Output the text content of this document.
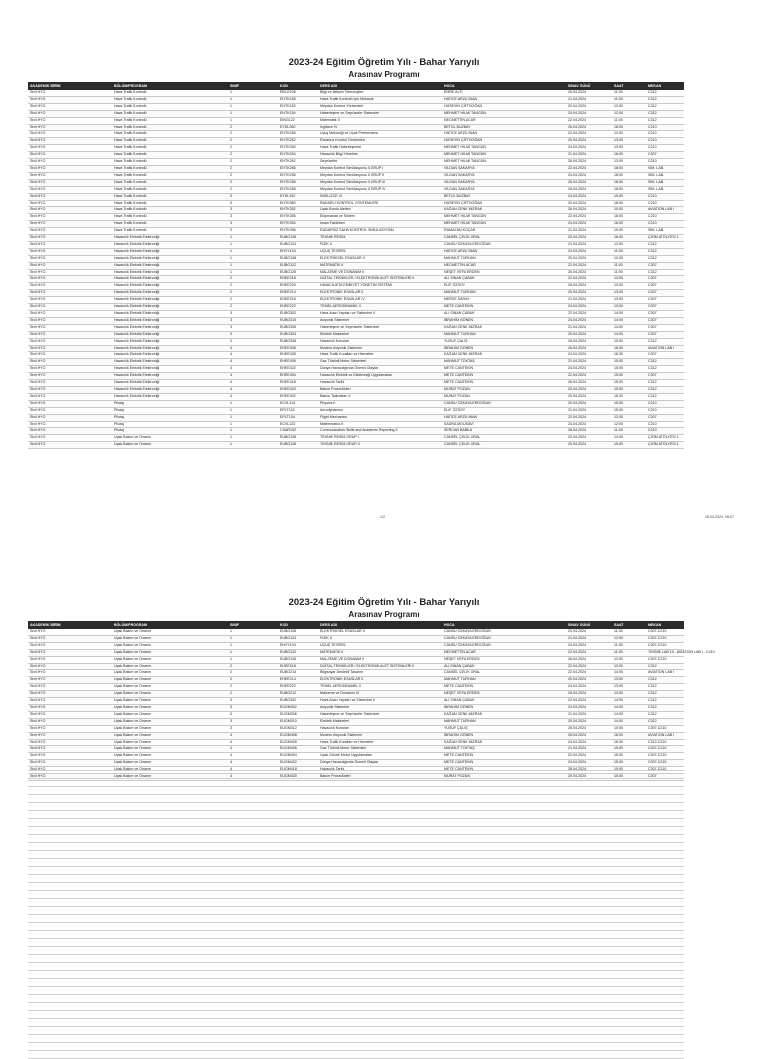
2023-24 Eğitim Öğretim Yılı - Bahar Yarıyılı
Arasınav Programı
AKADEMİK BİRİM	BÖLÜM/PROGRAM	SINIF	KOD	DERS ADI	HOCA	SINAV GÜNÜ	SAAT	MEKAN
Sivil HYO	Hava Trafik Kontrolü	1	EBLG108	Bilgi ve İletişim Teknolojileri	EMRE ALTI	26.04.2024	11:00	C312
Sivil HYO	Hava Trafik Kontrolü	1	EHTK158	Hava Trafik Kontrolü İçin Mekanik	HATİCE ARZU İNAN	21.04.2024	11:00	C312
Sivil HYO	Hava Trafik Kontrolü	1	EHTK152	Meydan Kontrol Yöntemleri	HÜSEYİN ÇİFTDOĞAN	20.04.2024	12:00	C312
Sivil HYO	Hava Trafik Kontrolü	1	EHTK154	Haberleşme ve Seyrüsefer Sistemleri	MEHMET HİLMİ TANGÜN	24.04.2024	12:00	C312
Sivil HYO	Hava Trafik Kontrolü	1	EING122	Matematik II	NECMETTİN ACAR	22.04.2024	11:00	C312
Sivil HYO	Hava Trafik Kontrolü	2	EYDL260	İngilizce IV	BETÜL BUZBAY	26.04.2024	16:00	C210
Sivil HYO	Hava Trafik Kontrolü	2	EHTK256	Uçuş Mekaniği ve Uçak Performansı	HATİCE ARZU İNAN	22.04.2024	12:00	C210
Sivil HYO	Hava Trafik Kontrolü	2	EHTK252	Radarsız Kontrol Yöntemleri	HÜSEYİN ÇİFTDOĞAN	20.04.2024	13:00	C210
Sivil HYO	Hava Trafik Kontrolü	2	EHTK260	Hava Trafik Haberleşmesi	MEHMET HİLMİ TANGÜN	24.04.2024	13:00	C210
Sivil HYO	Hava Trafik Kontrolü	2	EHTK254	Havacılık Bilgi Yönetimi	MEHMET HİLMİ TANGÜN	21.04.2024	16:00	C307
Sivil HYO	Hava Trafik Kontrolü	2	EHTK262	Seyrüsefer	MEHMET HİLMİ TANGÜN	26.04.2024	13:00	C210
Sivil HYO	Hava Trafik Kontrolü	2	EHTK258	Meydan Kontrol Simülasyonu II GRUP I	VİLDAN SAKARYA	22.04.2024	18:00	SİM. LAB.
Sivil HYO	Hava Trafik Kontrolü	2	EHTK258	Meydan Kontrol Simülasyonu II GRUP II	VİLDAN SAKARYA	24.04.2024	18:00	SİM. LAB.
Sivil HYO	Hava Trafik Kontrolü	2	EHTK258	Meydan Kontrol Simülasyonu II GRUP III	VİLDAN SAKARYA	25.04.2024	18:00	SİM. LAB.
Sivil HYO	Hava Trafik Kontrolü	2	EHTK258	Meydan Kontrol Simülasyonu II GRUP IV	VİLDAN SAKARYA	26.04.2024	18:00	SİM. LAB.
Sivil HYO	Hava Trafik Kontrolü	3	EYDL392	İNGİLİZCE VI	BETÜL BUZBAY	24.04.2024	10:00	C210
Sivil HYO	Hava Trafik Kontrolü	3	EHTK360	RADARLI KONTROL YÖNTEMLERİ	HÜSEYİN ÇİFTDOĞAN	20.04.2024	16:00	C210
Sivil HYO	Hava Trafik Kontrolü	3	EHTK352	Uçak Bordo Aletleri	KAĞAN CENK MIZRAK	26.04.2024	10:00	AVIATION LAB I
Sivil HYO	Hava Trafik Kontrolü	3	EHTK356	Ekipmanlar ve Sistem	MEHMET HİLMİ TANGÜN	22.04.2024	16:00	C210
Sivil HYO	Hava Trafik Kontrolü	3	EHTK354	İnsan Faktörleri	MEHMET HİLMİ TANGÜN	24.04.2024	16:00	C210
Sivil HYO	Hava Trafik Kontrolü	3	EHTK358	RADARSIZ SAHA KONTROL SİMÜLASYONU	RAMAZAN KOÇAR	21.04.2024	10:00	SİM. LAB.
Sivil HYO	Havacılık Elektrik Elektroniği	1	EUBO128	TEKNİK RESİM	CANSEL ÇELİK ORAL	20.04.2024	16:00	ÇİZİM ATÖLYESİ 1
Sivil HYO	Havacılık Elektrik Elektroniği	1	EUBO124	FİZİK II	CANSU ÖZKAYA ERDOĞAN	21.04.2024	12:00	C312
Sivil HYO	Havacılık Elektrik Elektroniği	1	EHVY104	UÇUŞ TEORİSİ	HATİCE ARZU İNAN	24.04.2024	11:00	C312
Sivil HYO	Havacılık Elektrik Elektroniği	1	EUBO108	ELEKTRİKSEL ESASLAR II	MAHMUT TURHAN	20.04.2024	12:00	C312
Sivil HYO	Havacılık Elektrik Elektroniği	1	EUBO122	MATEMATİK II	NECMETTİN ACAR	22.04.2024	11:00	C307
Sivil HYO	Havacılık Elektrik Elektroniği	1	EUBO126	MALZEME VE DONANIM II	NEŞET VEFA ERDEN	26.04.2024	11:00	C312
Sivil HYO	Havacılık Elektrik Elektroniği	2	EHEE218	DİJİTAL TEKNİKLER / ELEKTRONİK ALET SİSTEMLERİ II	ALİ SİNAN ÇABUK	22.04.2024	13:00	C307
Sivil HYO	Havacılık Elektrik Elektroniği	2	EHEE220	HAVACILIKTA EMNİYET YÖNETİM SİSTEMİ	ELİF ÖZSOY	26.04.2024	13:00	C307
Sivil HYO	Havacılık Elektrik Elektroniği	2	EHEE214	ELEKTRONİK ESASLAR II	MAHMUT TURHAN	20.04.2024	13:00	C307
Sivil HYO	Havacılık Elektrik Elektroniği	2	EHEE216	ELEKTRONİK ESASLAR IV	MERVE SARAY	21.04.2024	13:00	C307
Sivil HYO	Havacılık Elektrik Elektroniği	2	EHEE222	TEMEL AERODİNAMİK II	METE CANTEKİN	24.04.2024	13:00	C307
Sivil HYO	Havacılık Elektrik Elektroniği	3	EUBO302	Hava Aracı Yapıları ve Sistemleri II	ALİ SİNAN ÇABUK	22.04.2024	14:00	C307
Sivil HYO	Havacılık Elektrik Elektroniği	3	EUBO310	Aviyonik Sistemler	İBRAHİM GÖNEN	24.04.2024	14:00	C307
Sivil HYO	Havacılık Elektrik Elektroniği	3	EUBO306	Haberleşme ve Seyrüsefer Sistemleri	KAĞAN CENK MIZRAK	21.04.2024	14:00	C307
Sivil HYO	Havacılık Elektrik Elektroniği	3	EUBO304	Elektrik Makineleri	MAHMUT TURHAN	20.04.2024	14:00	C307
Sivil HYO	Havacılık Elektrik Elektroniği	3	EUBO308	Havacılık Konuları	YUSUF ÇALIŞ	26.04.2024	10:00	C312
Sivil HYO	Havacılık Elektrik Elektroniği	4	EHEE408	Modern Aviyonik Sistemler	İBRAHİM GÖNEN	26.04.2024	16:00	AVIATION LAB I
Sivil HYO	Havacılık Elektrik Elektroniği	4	EHEE428	Hava Trafik Kuralları ve Hizmetler	KAĞAN CENK MIZRAK	24.04.2024	16:30	C307
Sivil HYO	Havacılık Elektrik Elektroniği	4	EHEE406	Gaz Türbinli Motor Sistemleri	MAHMUT TOKTAŞ	21.04.2024	15:00	C312
Sivil HYO	Havacılık Elektrik Elektroniği	4	EHEE422	Dünya Havacılığında Önemli Olaylar	METE CANTEKİN	24.04.2024	15:00	C312
Sivil HYO	Havacılık Elektrik Elektroniği	4	EHEE404	Havacılık Elektrik ve Elektroniği Uygulamaları	METE CANTEKİN	22.04.2024	15:00	C307
Sivil HYO	Havacılık Elektrik Elektroniği	4	EHEE418	Havacılık Tarihi	METE CANTEKİN	26.04.2024	15:00	C312
Sivil HYO	Havacılık Elektrik Elektroniği	4	EHEE420	Bakım Prosedürleri	MURAT POZAN	20.04.2024	15:00	C312
Sivil HYO	Havacılık Elektrik Elektroniği	4	EHEE402	Bakım Talimatları II	MURAT POZAN	20.04.2024	16:30	C312
Sivil HYO	Pilotaj	1	ECVL114	Physics II	CANSU ÖZKAYA ERDOĞAN	20.04.2024	15:00	C210
Sivil HYO	Pilotaj	1	EPLT102	Aerodynamics	ELİF ÖZSOY	21.04.2024	15:00	C210
Sivil HYO	Pilotaj	1	EPLT104	Flight Mechanics	HATİCE ARZU İNAN	22.04.2024	12:00	C307
Sivil HYO	Pilotaj	1	ECVL122	Mathematics II	SADRA MOUSAVI	24.04.2024	12:00	C210
Sivil HYO	Pilotaj	1	CSAR102	Communication Skills and Academic Reporting II	SERCAN BABKA	26.04.2024	11:00	C210
Sivil HYO	Uçak Bakım ve Onarım	1	EUBO128	TEKNİK RESİM GRUP I	CANSEL ÇELİK ORAL	20.04.2024	14:00	ÇİZİM ATÖLYESİ 1
Sivil HYO	Uçak Bakım ve Onarım	1	EUBO128	TEKNİK RESİM GRUP II	CANSEL ÇELİK ORAL	20.04.2024	15:00	ÇİZİM ATÖLYESİ 1
1/2	18.04.2024, 08:07
2023-24 Eğitim Öğretim Yılı - Bahar Yarıyılı
Arasınav Programı
AKADEMİK BİRİM	BÖLÜM/PROGRAM	SINIF	KOD	DERS ADI	HOCA	SINAV GÜNÜ	SAAT	MEKAN
Sivil HYO	Uçak Bakım ve Onarım	1	EUBO108	ELEKTRİKSEL ESASLAR II	CANSU ÖZKAYA ERDOĞAN	20.04.2024	11:00	C307-C210
Sivil HYO	Uçak Bakım ve Onarım	1	EUBO124	FİZİK II	CANSU ÖZKAYA ERDOĞAN	21.04.2024	12:00	C307-C210
Sivil HYO	Uçak Bakım ve Onarım	1	EHVY104	UÇUŞ TEORİSİ	CANSU ÖZKAYA ERDOĞAN	24.04.2024	11:00	C307-C210
Sivil HYO	Uçak Bakım ve Onarım	1	EUBO122	MATEMATİK II	NECMETTİN ACAR	22.04.2024	11:00	TEKNİK LAB 10 - AVIATION LAB I - C210
Sivil HYO	Uçak Bakım ve Onarım	1	EUBO126	MALZEME VE DONANIM II	NEŞET VEFA ERDEN	26.04.2024	12:00	C307-C210
Sivil HYO	Uçak Bakım ve Onarım	2	EHEE218	DİJİTAL TEKNİKLER / ELEKTRONİK ALET SİSTEMLERİ II	ALİ SİNAN ÇABUK	22.04.2024	13:00	C312
Sivil HYO	Uçak Bakım ve Onarım	2	EUBO214	Bilgisayar Destekli Tasarım	CANSEL ÇELİK ORAL	22.04.2024	14:00	AVIATION LAB I
Sivil HYO	Uçak Bakım ve Onarım	2	EHEE214	ELEKTRONİK ESASLAR II	MAHMUT TURHAN	20.04.2024	13:00	C312
Sivil HYO	Uçak Bakım ve Onarım	2	EHEE222	TEMEL AERODİNAMİK II	METE CANTEKİN	24.04.2024	13:00	C312
Sivil HYO	Uçak Bakım ve Onarım	2	EUBO212	Malzeme ve Donanım IV	NEŞET VEFA ERDEN	26.04.2024	13:00	C312
Sivil HYO	Uçak Bakım ve Onarım	3	EUBO302	Hava Aracı Yapıları ve Sistemleri II	ALİ SİNAN ÇABUK	22.04.2024	14:00	C312
Sivil HYO	Uçak Bakım ve Onarım	3	EUGM302	Aviyonik Sistemler	İBRAHİM GÖNEN	24.04.2024	14:00	C312
Sivil HYO	Uçak Bakım ve Onarım	3	EUGM306	Haberleşme ve Seyrüsefer Sistemleri	KAĞAN CENK MIZRAK	21.04.2024	14:00	C312
Sivil HYO	Uçak Bakım ve Onarım	3	EUGM310	Elektrik Makineleri	MAHMUT TURHAN	20.04.2024	14:00	C312
Sivil HYO	Uçak Bakım ve Onarım	3	EUGM312	Havacılık Konuları	YUSUF ÇALIŞ	26.04.2024	10:00	C307-C210
Sivil HYO	Uçak Bakım ve Onarım	4	EUGM408	Modern Aviyonik Sistemler	İBRAHİM GÖNEN	26.04.2024	16:00	AVIATION LAB I
Sivil HYO	Uçak Bakım ve Onarım	4	EUGM428	Hava Trafik Kuralları ve Hizmetler	KAĞAN CENK MIZRAK	24.04.2024	16:30	C312-C210
Sivil HYO	Uçak Bakım ve Onarım	4	EUGM406	Gaz Türbinli Motor Sistemleri	MAHMUT TOKTAŞ	21.04.2024	15:00	C307-C210
Sivil HYO	Uçak Bakım ve Onarım	4	EUGM404	Uçak Gövde Motor Uygulamaları	METE CANTEKİN	22.04.2024	15:00	C307-C210
Sivil HYO	Uçak Bakım ve Onarım	4	EUGM422	Dünya Havacılığında Önemli Olaylar	METE CANTEKİN	24.04.2024	15:00	C307-C210
Sivil HYO	Uçak Bakım ve Onarım	4	EUGM418	Havacılık Tarihi	METE CANTEKİN	26.04.2024	15:00	C307-C210
Sivil HYO	Uçak Bakım ve Onarım	4	EUGM420	Bakım Prosedürleri	MURAT POZAN	20.04.2024	15:00	C307
